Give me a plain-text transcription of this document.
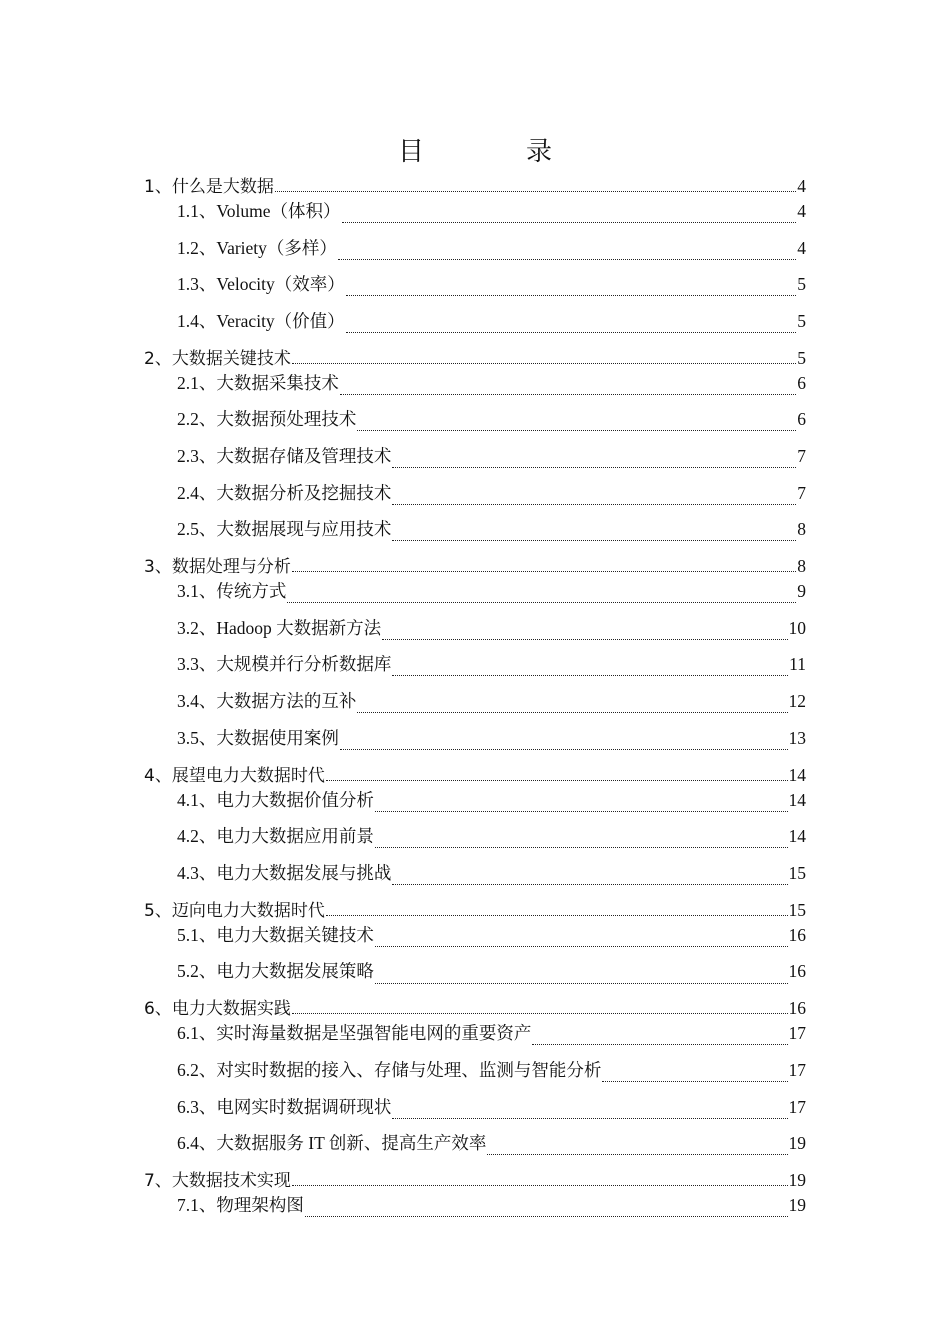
目　录
1、什么是大数据	4
1.1、Volume（体积）	4
1.2、Variety（多样）	4
1.3、Velocity（效率）	5
1.4、Veracity（价值）	5
2、大数据关键技术	5
2.1、大数据采集技术	6
2.2、大数据预处理技术	6
2.3、大数据存储及管理技术	7
2.4、大数据分析及挖掘技术	7
2.5、大数据展现与应用技术	8
3、数据处理与分析	8
3.1、传统方式	9
3.2、Hadoop 大数据新方法	10
3.3、大规模并行分析数据库	11
3.4、大数据方法的互补	12
3.5、大数据使用案例	13
4、展望电力大数据时代	14
4.1、电力大数据价值分析	14
4.2、电力大数据应用前景	14
4.3、电力大数据发展与挑战	15
5、迈向电力大数据时代	15
5.1、电力大数据关键技术	16
5.2、电力大数据发展策略	16
6、电力大数据实践	16
6.1、实时海量数据是坚强智能电网的重要资产	17
6.2、对实时数据的接入、存储与处理、监测与智能分析	17
6.3、电网实时数据调研现状	17
6.4、大数据服务 IT 创新、提高生产效率	19
7、大数据技术实现	19
7.1、物理架构图	19
